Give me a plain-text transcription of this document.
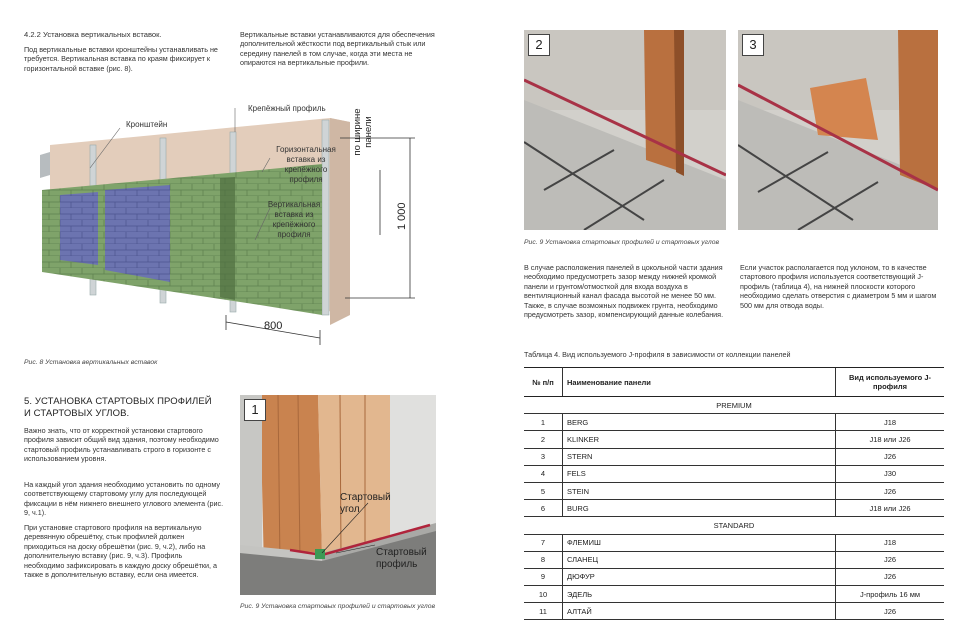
4.2.2 Установка вертикальных вставок.
Под вертикальные вставки кронштейны устанавливать не требуется. Вертикальная вставка по краям фиксирует к горизонтальной вставке (рис. 8).
Вертикальные вставки устанавливаются для обеспечения дополнительной жёсткости под вертикальный стык или середину панелей в том случае, когда эти места не опираются на вертикальные профили.
Кронштейн
Крепёжный профиль
Горизонтальная вставка из крепёжного профиля
Вертикальная вставка из крепёжного профиля
по ширине панели
1 000
800
Рис. 8 Установка вертикальных вставок
5. УСТАНОВКА СТАРТОВЫХ ПРОФИЛЕЙ И СТАРТОВЫХ УГЛОВ.
Важно знать, что от корректной установки стартового профиля зависит общий вид здания, поэтому необходимо стартовый профиль устанавливать строго в горизонте с использованием уровня.
На каждый угол здания необходимо установить по одному соответствующему стартовому углу для последующей фиксации в нём нижнего внешнего углового элемента (рис. 9, ч.1).
При установке стартового профиля на вертикальную деревянную обрешётку, стык профилей должен приходиться на доску обрешётки (рис. 9, ч.2), либо на дополнительную вставку (рис. 9, ч.3). Профиль необходимо зафиксировать в каждую доску обрешётки, а также в дополнительную вставку, если она имеется.
1
Стартовый угол
Стартовый профиль
Рис. 9 Установка стартовых профилей и стартовых углов
2	3
Рис. 9 Установка стартовых профилей и стартовых углов
В случае расположения панелей в цокольной части здания необходимо предусмотреть зазор между нижней кромкой панели и грунтом/отмосткой для входа воздуха в вентиляционный канал фасада высотой не менее 50 мм. Также, в случае возможных подвижек грунта, необходимо предусмотреть зазор, компенсирующий данные колебания.
Если участок располагается под уклоном, то в качестве стартового профиля используется соответствующий J-профиль (таблица 4), на нижней плоскости которого необходимо сделать отверстия с диаметром 5 мм и шагом 500 мм для отвода воды.
Таблица 4. Вид используемого J-профиля в зависимости от коллекции панелей
№ п/п	Наименование панели	Вид используемого J-профиля
PREMIUM		
1	BERG	J18
2	KLINKER	J18 или J26
3	STERN	J26
4	FELS	J30
5	STEIN	J26
6	BURG	J18 или J26
STANDARD		
7	ФЛЕМИШ	J18
8	СЛАНЕЦ	J26
9	ДЮФУР	J26
10	ЭДЕЛЬ	J-профиль 16 мм
11	АЛТАЙ	J26
